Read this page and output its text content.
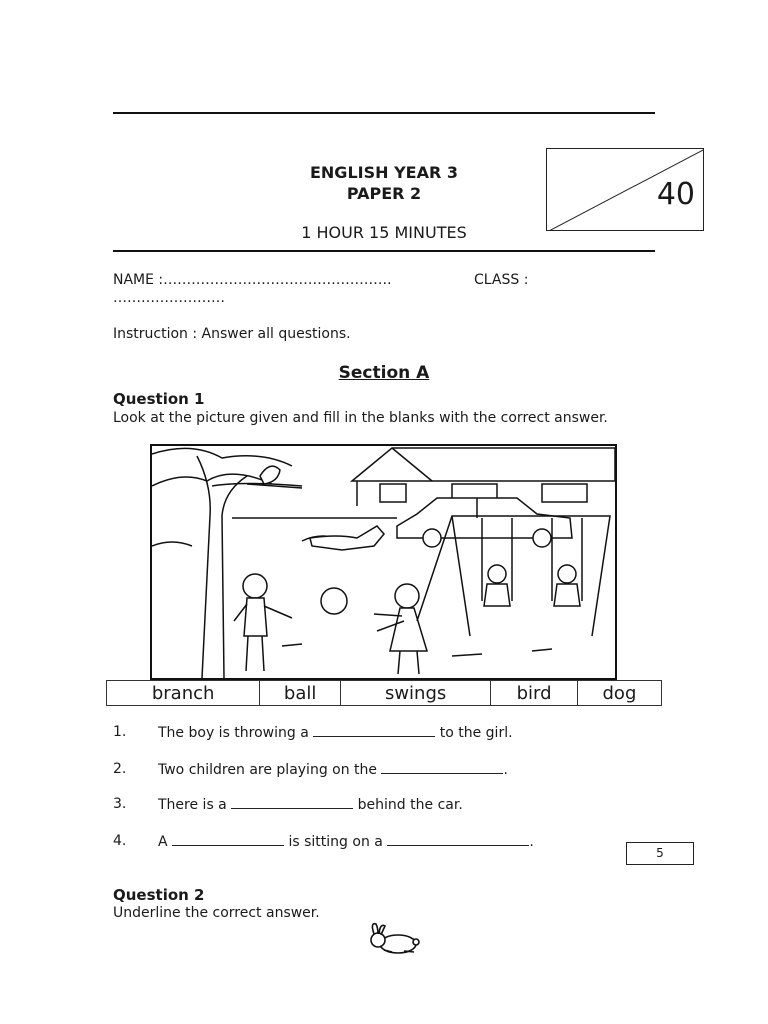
ENGLISH YEAR 3
PAPER 2
1 HOUR 15 MINUTES
40
NAME :………………………………………….	CLASS :
……………………
Instruction : Answer all questions.
Section A
Question 1
Look at the picture given and fill in the blanks with the correct answer.
branch	ball	swings	bird	dog
1. The boy is throwing a	to the girl.
2. Two children are playing on the	.
3. There is a	behind the car.
4. A	is sitting on a	.
5
Question 2
Underline the correct answer.
